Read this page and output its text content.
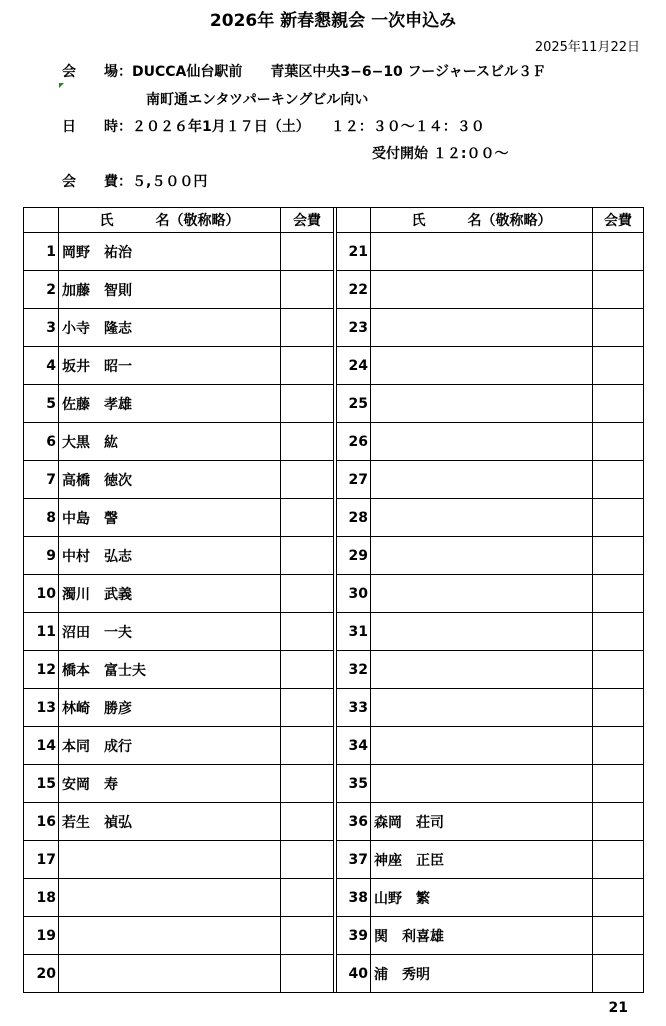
2026年 新春懇親会 一次申込み
2025年11月22日
会　　場：DUCCA仙台駅前　　青葉区中央3−6−10 フージャースビル３Ｆ
南町通エンタツパーキングビル向い
日　　時：２０２６年1月１７日（土）　　１２：３０〜１４：３０
受付開始 １２:００〜
会　　費：５,５００円
	氏　　　名（敬称略）	会費			氏　　　名（敬称略）	会費
1	岡野　祐治			21		
2	加藤　智則			22		
3	小寺　隆志			23		
4	坂井　昭一			24		
5	佐藤　孝雄			25		
6	大黒　紘			26		
7	高橋　徳次			27		
8	中島　謦			28		
9	中村　弘志			29		
10	濁川　武義			30		
11	沼田　一夫			31		
12	橋本　富士夫			32		
13	林崎　勝彦			33		
14	本同　成行			34		
15	安岡　寿			35		
16	若生　禎弘			36	森岡　荘司	
17				37	神座　正臣	
18				38	山野　繁	
19				39	関　利喜雄	
20				40	浦　秀明	
21
